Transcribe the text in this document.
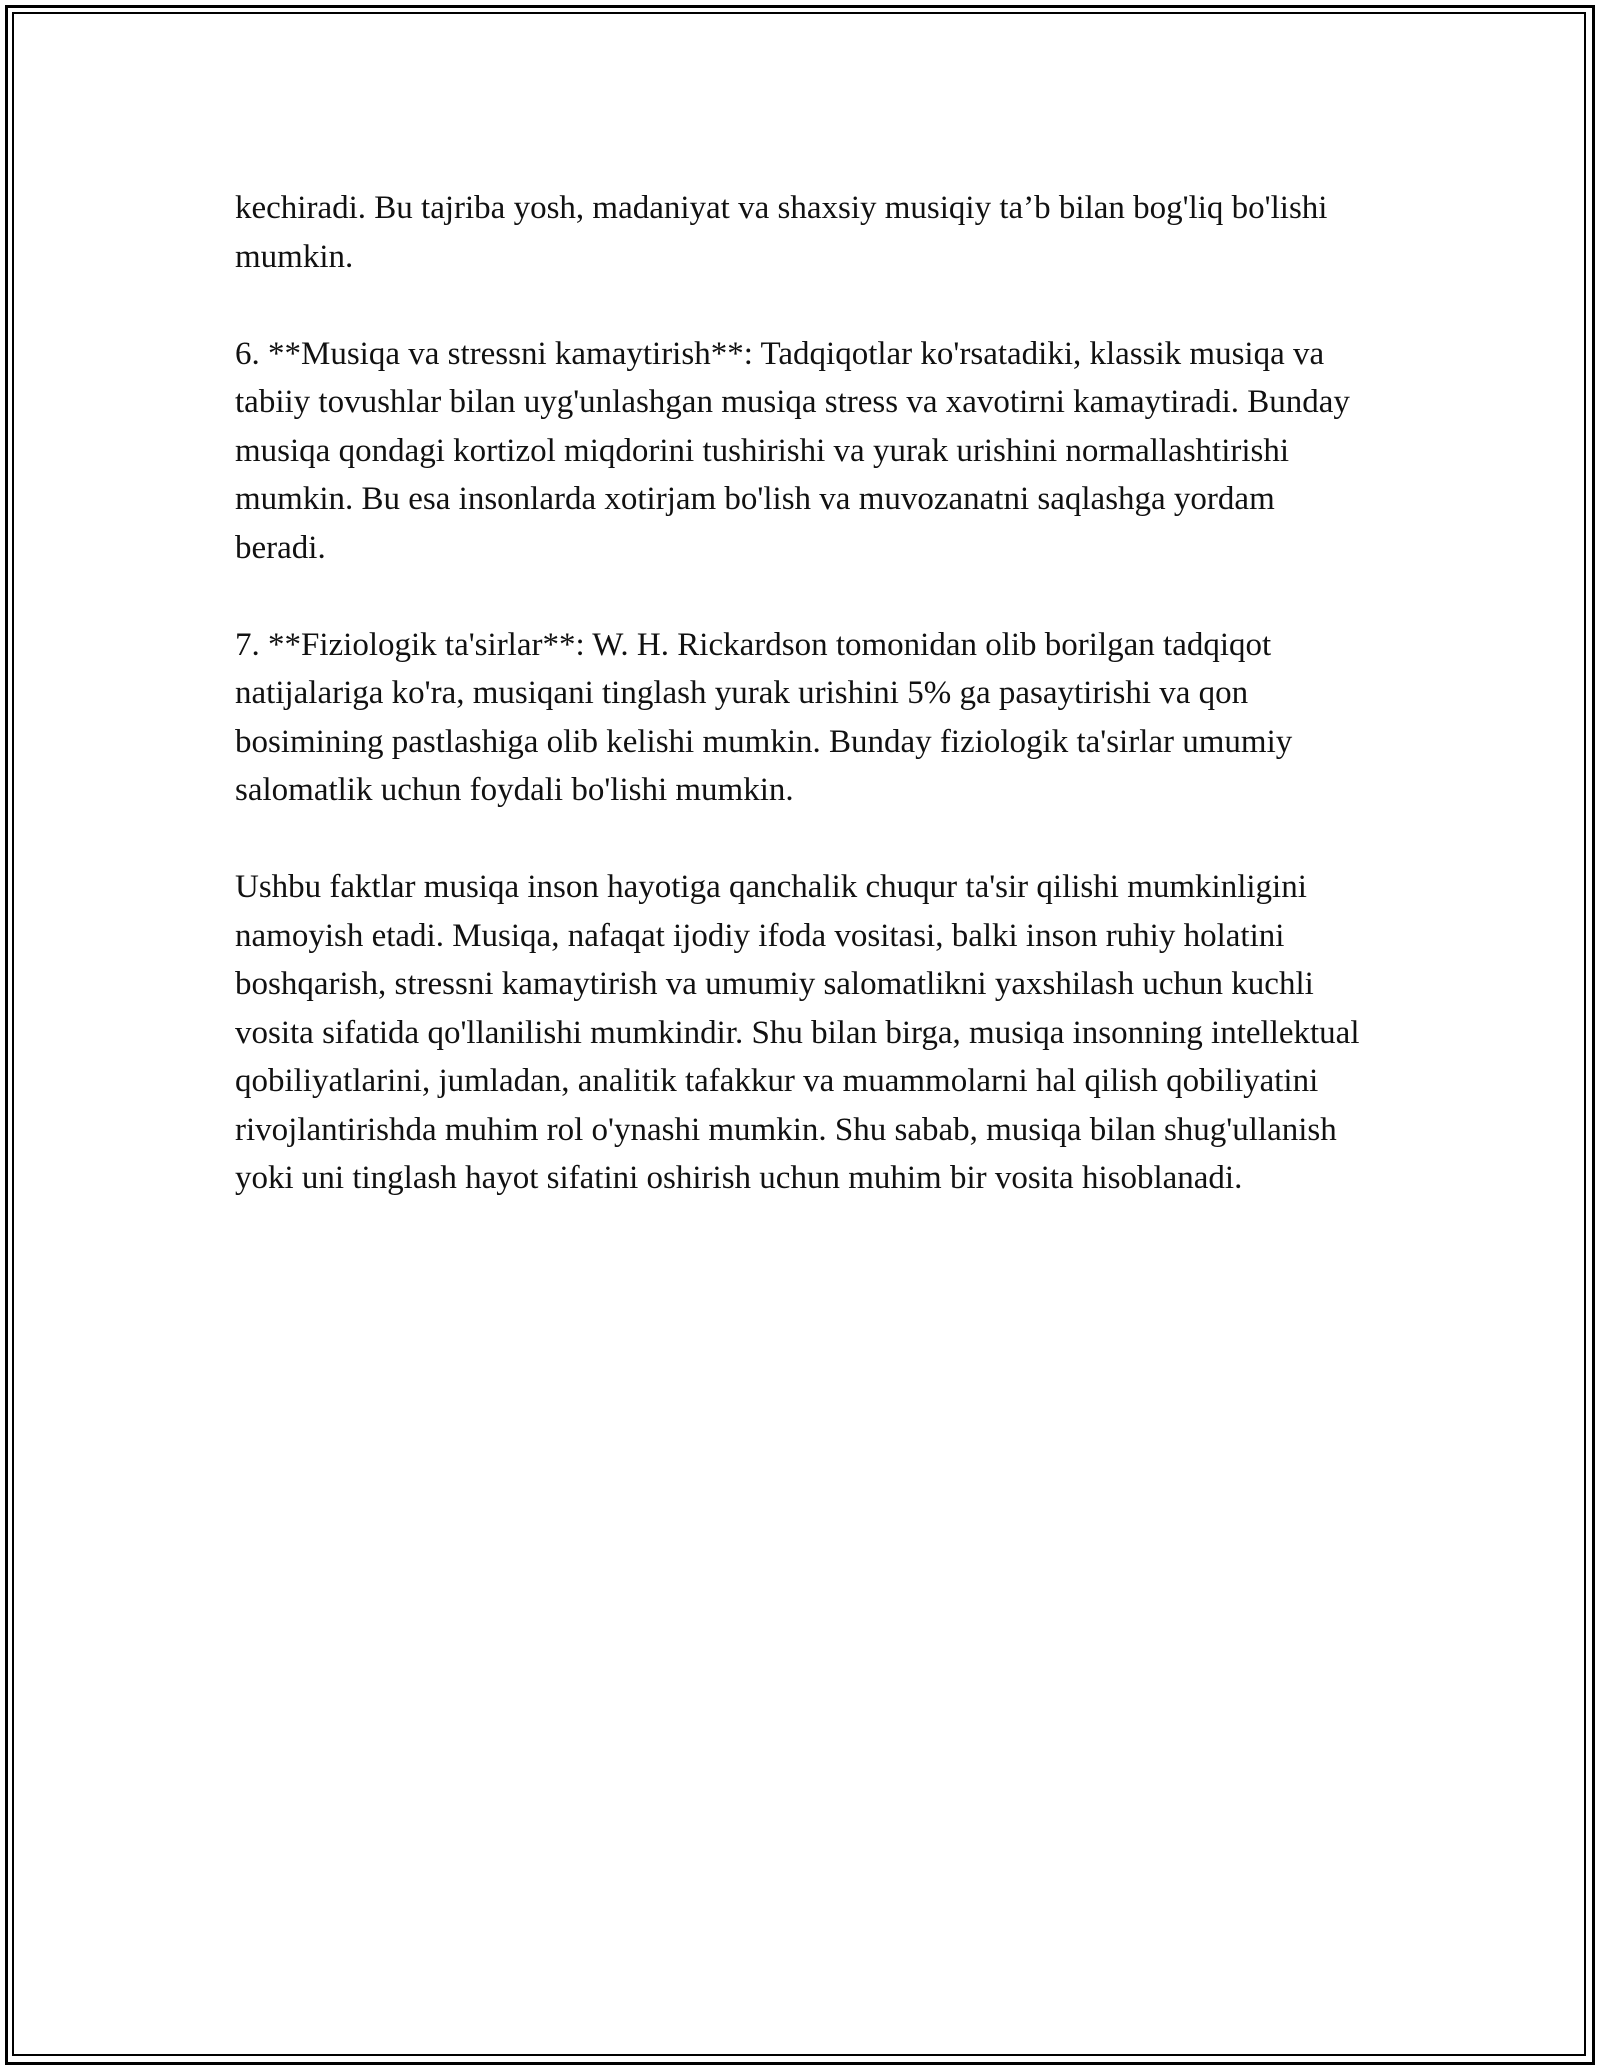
kechiradi. Bu tajriba yosh, madaniyat va shaxsiy musiqiy ta’b bilan bog'liq bo'lishi mumkin.

6. **Musiqa va stressni kamaytirish**: Tadqiqotlar ko'rsatadiki, klassik musiqa va tabiiy tovushlar bilan uyg'unlashgan musiqa stress va xavotirni kamaytiradi. Bunday musiqa qondagi kortizol miqdorini tushirishi va yurak urishini normallashtirishi mumkin. Bu esa insonlarda xotirjam bo'lish va muvozanatni saqlashga yordam beradi.

7. **Fiziologik ta'sirlar**: W. H. Rickardson tomonidan olib borilgan tadqiqot natijalariga ko'ra, musiqani tinglash yurak urishini 5% ga pasaytirishi va qon bosimining pastlashiga olib kelishi mumkin. Bunday fiziologik ta'sirlar umumiy salomatlik uchun foydali bo'lishi mumkin.

Ushbu faktlar musiqa inson hayotiga qanchalik chuqur ta'sir qilishi mumkinligini namoyish etadi. Musiqa, nafaqat ijodiy ifoda vositasi, balki inson ruhiy holatini boshqarish, stressni kamaytirish va umumiy salomatlikni yaxshilash uchun kuchli vosita sifatida qo'llanilishi mumkindir. Shu bilan birga, musiqa insonning intellektual qobiliyatlarini, jumladan, analitik tafakkur va muammolarni hal qilish qobiliyatini rivojlantirishda muhim rol o'ynashi mumkin. Shu sabab, musiqa bilan shug'ullanish yoki uni tinglash hayot sifatini oshirish uchun muhim bir vosita hisoblanadi.
